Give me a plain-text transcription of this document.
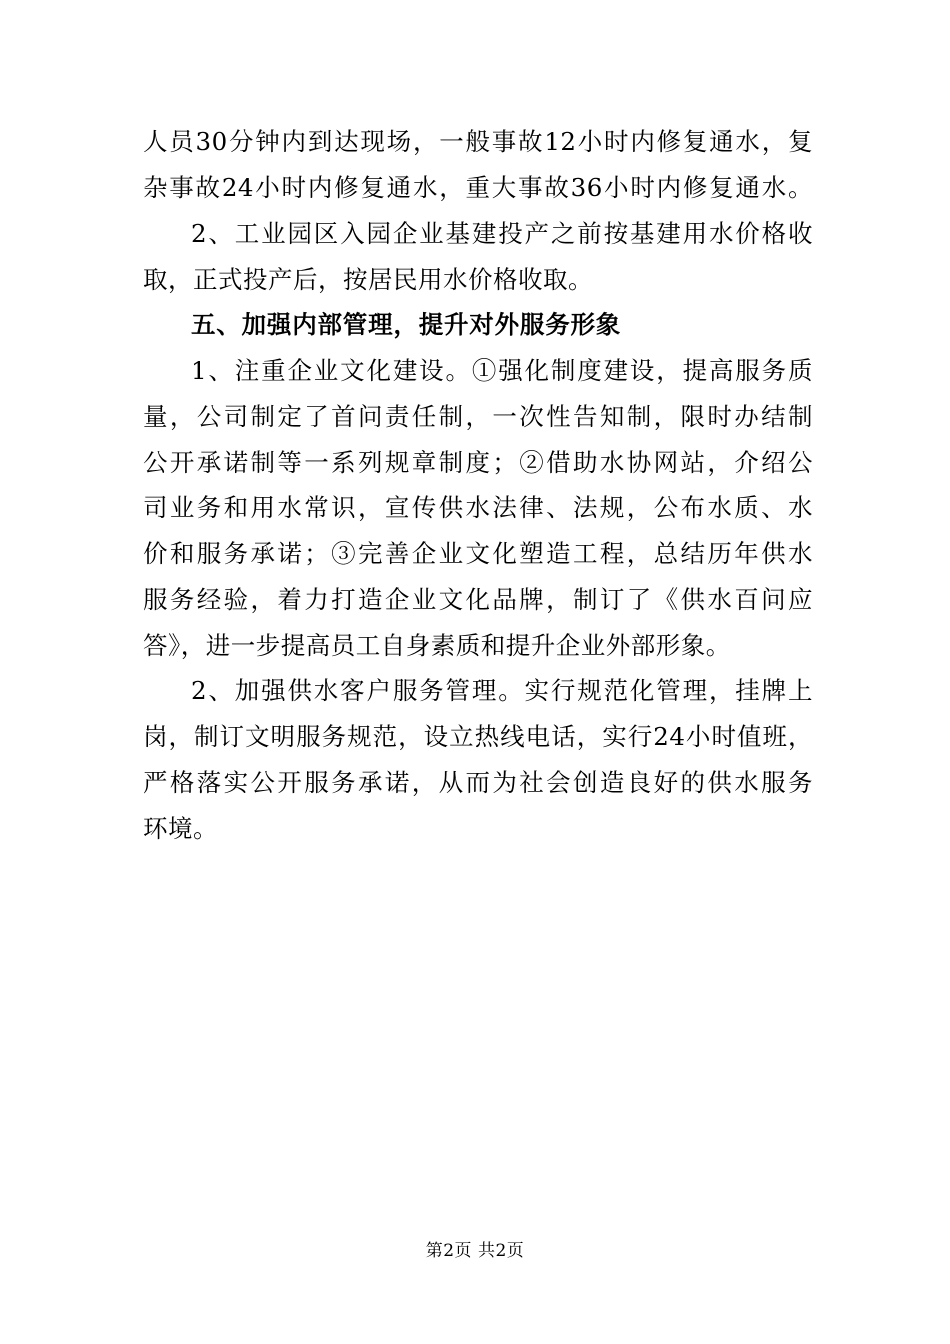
人员30分钟内到达现场，一般事故12小时内修复通水，复
杂事故24小时内修复通水，重大事故36小时内修复通水。
2、工业园区入园企业基建投产之前按基建用水价格收
取，正式投产后，按居民用水价格收取。
五、加强内部管理，提升对外服务形象
1、注重企业文化建设。①强化制度建设，提高服务质
量，公司制定了首问责任制，一次性告知制，限时办结制
公开承诺制等一系列规章制度；②借助水协网站，介绍公
司业务和用水常识，宣传供水法律、法规，公布水质、水
价和服务承诺；③完善企业文化塑造工程，总结历年供水
服务经验，着力打造企业文化品牌，制订了《供水百问应
答》，进一步提高员工自身素质和提升企业外部形象。
2、加强供水客户服务管理。实行规范化管理，挂牌上
岗，制订文明服务规范，设立热线电话，实行24小时值班，
严格落实公开服务承诺，从而为社会创造良好的供水服务
环境。
第2页 共2页
